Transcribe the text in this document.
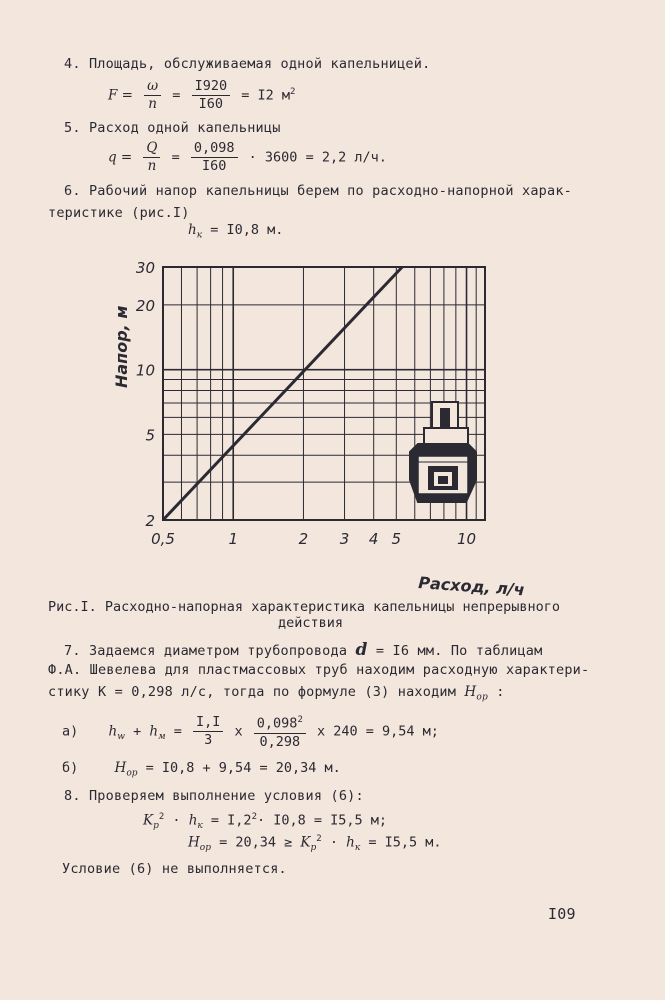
4. Площадь, обслуживаемая одной капельницей.
$F = \frac{\omega}{n} = \frac{I920}{I60} = I2$ $м^2$
5. Расход одной капельницы
$q = \frac{Q}{n} = \frac{0,098}{I60} \cdot 3600 = 2,2$ л/ч.
6. Рабочий напор капельницы берем по расходно-напорной харак-
теристике (рис.I)
$h_к = I0,8$ м.
0,5	1	2 3 4 5	10
2
5
10
20
30
Расход, л/ч
Напор, м
Рис.I. Расходно-напорная характеристика капельницы непрерывного
действия
7. Задаемся диаметром трубопровода d = I6 мм. По таблицам
Ф.А. Шевелева для пластмассовых труб находим расходную характери-
стику К = 0,298 л/с, тогда по формуле (3) находим $Н_{ор}$ :
а) $h_w + h_м = \frac{I,I}{3}$ x $\frac{0,098^2}{0,298}$ x 240 = 9,54 м;
б)	$Н_{ор} = I0,8 + 9,54 = 20,34$ м.
8. Проверяем выполнение условия (6):
$K_p^2 \cdot h_к = I,2^2\cdot I0,8 = I5,5$ м;
$Н_{ор} = 20,34 \ge K_p^2 \cdot h_к = I5,5$ м.
Условие (6) не выполняется.
I09
